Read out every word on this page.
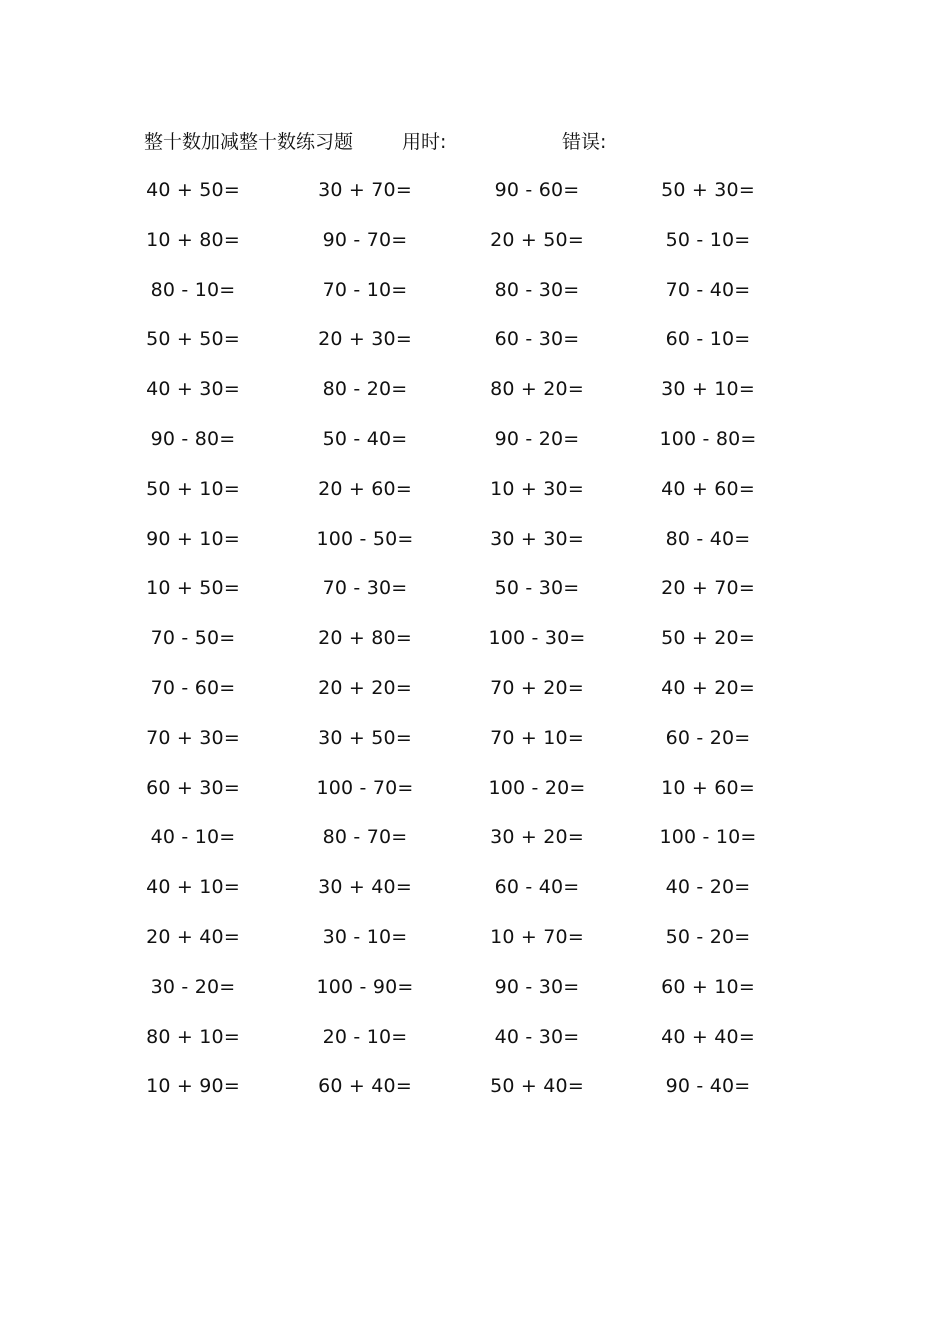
整十数加减整十数练习题	用时:	错误:
40 + 50=	30 + 70=	90 - 60=	50 + 30=
10 + 80=	90 - 70=	20 + 50=	50 - 10=
80 - 10=	70 - 10=	80 - 30=	70 - 40=
50 + 50=	20 + 30=	60 - 30=	60 - 10=
40 + 30=	80 - 20=	80 + 20=	30 + 10=
90 - 80=	50 - 40=	90 - 20=	100 - 80=
50 + 10=	20 + 60=	10 + 30=	40 + 60=
90 + 10=	100 - 50=	30 + 30=	80 - 40=
10 + 50=	70 - 30=	50 - 30=	20 + 70=
70 - 50=	20 + 80=	100 - 30=	50 + 20=
70 - 60=	20 + 20=	70 + 20=	40 + 20=
70 + 30=	30 + 50=	70 + 10=	60 - 20=
60 + 30=	100 - 70=	100 - 20=	10 + 60=
40 - 10=	80 - 70=	30 + 20=	100 - 10=
40 + 10=	30 + 40=	60 - 40=	40 - 20=
20 + 40=	30 - 10=	10 + 70=	50 - 20=
30 - 20=	100 - 90=	90 - 30=	60 + 10=
80 + 10=	20 - 10=	40 - 30=	40 + 40=
10 + 90=	60 + 40=	50 + 40=	90 - 40=
